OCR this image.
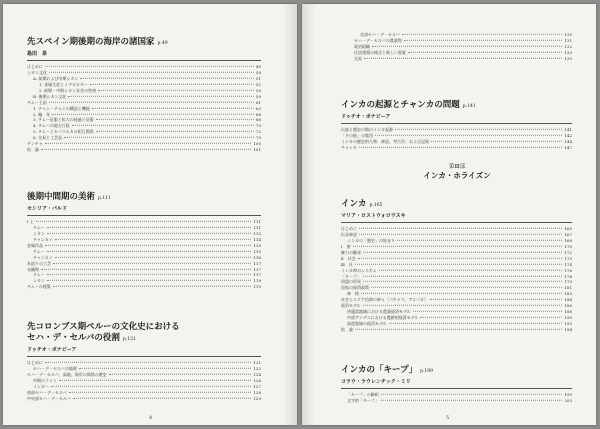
先スペイン期後期の海岸の諸国家 p.49
島田　泉
はじめに	49
シカン文化	50
A. 前期および中期シカン	51
1. 金属生産とイデオロギー	52
2. 前期・中期シカン社会の性格	55
B. 後期シカン文化	59
チムー王国	61
1. チャン・チャンの構造と機能	63
2. 編　年	66
3. チムー征服と拡大の経過と征服	68
4. チムーの地方行政	70
5. チムーとカハマルカの相互関係	72
6. 交易と工芸品	75
チンチャ	100
結　論	101
後期中間期の美術 p.111
セシリア・パルド
Ⅰ 土	111
チムー	111
シカン	113
チャンカイ	114
金属作品	115
チムー	115
チャンカイ	116
木造りの工芸	117
布織物	117
チムー	117
シカン	118
チムーの建築	119
先コロンブス期ペルーの文化史における
セハ・デ・セルバの役割 p.121
ドゥチオ・ボナビーア
はじめに	121
セハ・デ・セルバの地理	122
セハ・デ・セルバ、高地、海岸の関係の歴史	124
中期のライミ	126
インカー	127
南部セハ・デ・セルバ	128
中央部セハ・デ・セルバ	129
4
北部セハ・デ・セルバ	130
セハ・デ・セルバの農業物	131
政治組織	132
住居建築の様式と新しい要素	133
交易	135
インカの起源とチャンカの問題 p.141
ドゥチオ・ボナビーア
伝説と歴史の間のインカ起源	141
「その他」の集団	142
インカの歴史的人物：神話、考古学、および記録	144
チャンカ	147
第Ⅲ部
インカ・ホライズン
インカ p.165
マリア・ロストウォロウスキ
はじめに	165
伝承神話	167
インカの「歴史」の始まり	168
Ⅰ　族	170
権力の継承	172
Ⅱ　社会	173
Ⅲ　社	174
インカ時のシステム	176
「キープ」	178
同盟の形成	179
国家の経済政策	181
神　格	183
社会とエケケ信仰の神々（パチャマ、アルパカ）	184
経済モデル	186
沖適富地域における農業経済モデル	188
中部アンデスにおける農耕的経済モデル	190
高度地域の経済モデル	192
結　論	194
インカの「キープ」 p.199
コラウ・ラウレンチック・ミリ
「キープ」の解釈	199
文字的「キープ」	203
5
